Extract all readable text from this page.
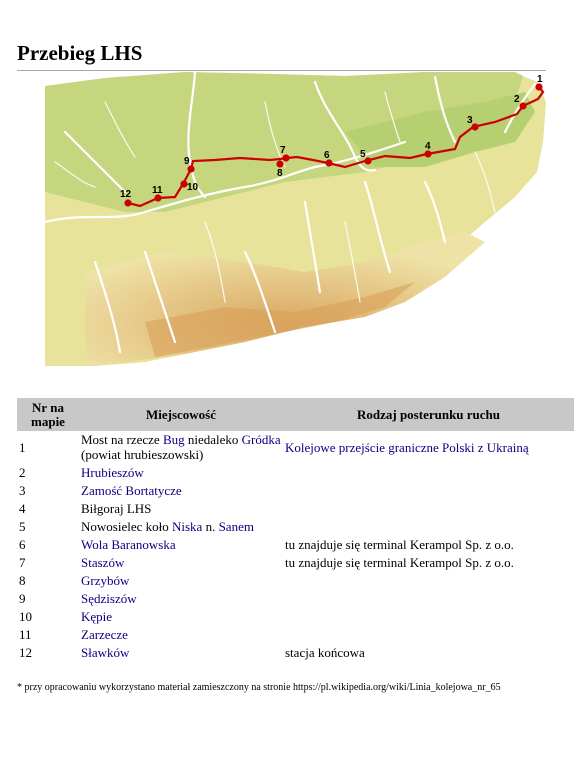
Przebieg LHS
1
2
3
4
5
6
7
8
9
10
11
12
Nr na mapie	Miejscowość	Rodzaj posterunku ruchu
1	Most na rzecze Bug niedaleko Gródka (powiat hrubieszowski)	Kolejowe przejście graniczne Polski z Ukrainą
2	Hrubieszów	
3	Zamość Bortatycze	
4	Biłgoraj LHS	
5	Nowosielec koło Niska n. Sanem	
6	Wola Baranowska	tu znajduje się terminal Kerampol Sp. z o.o.
7	Staszów	tu znajduje się terminal Kerampol Sp. z o.o.
8	Grzybów	
9	Sędziszów	
10	Kępie	
11	Zarzecze	
12	Sławków	stacja końcowa
* przy opracowaniu wykorzystano materiał zamieszczony na stronie https://pl.wikipedia.org/wiki/Linia_kolejowa_nr_65
